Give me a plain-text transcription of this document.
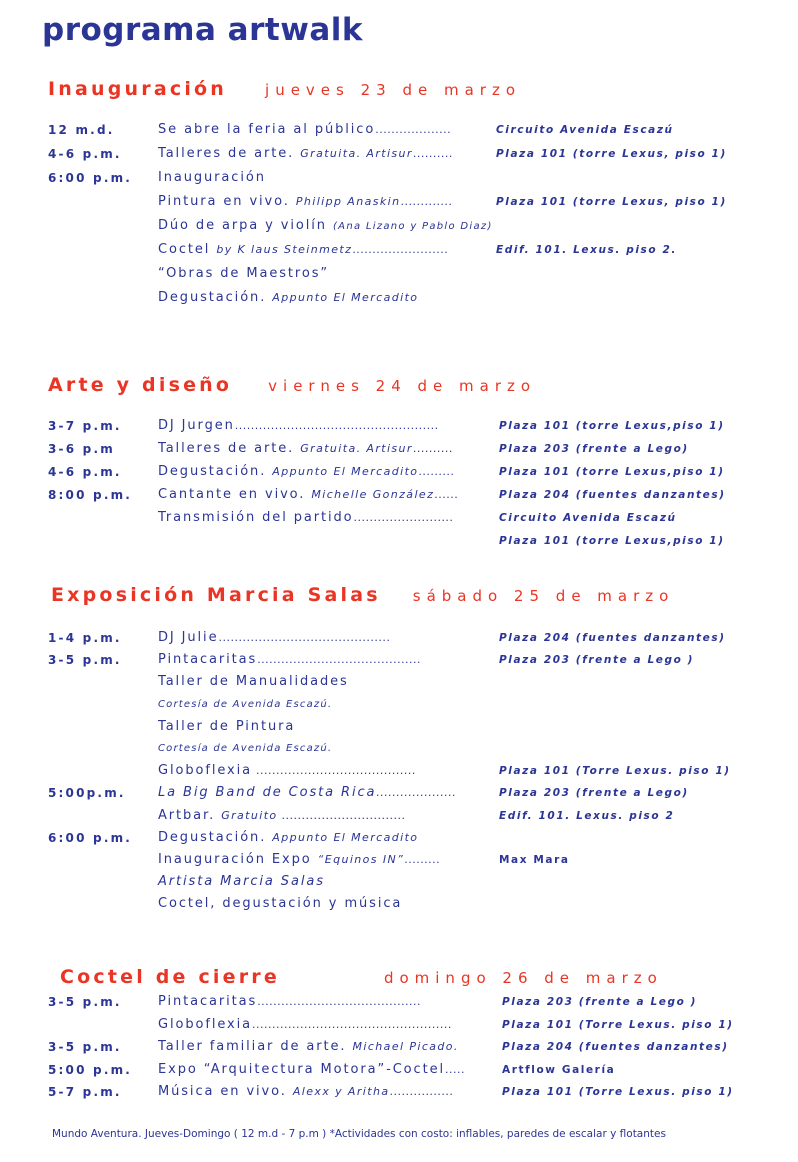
programa artwalk
Inauguración	jueves 23 de marzo
12 m.d.	Se abre la feria al público...................	Circuito Avenida Escazú
4-6 p.m.	Talleres de arte. Gratuita. Artisur..........	Plaza 101 (torre Lexus, piso 1)
6:00 p.m. Inauguración
Pintura en vivo. Philipp Anaskin.............	Plaza 101 (torre Lexus, piso 1)
Dúo de arpa y violín (Ana Lizano y Pablo Diaz)
Coctel by K laus Steinmetz........................	Edif. 101. Lexus. piso 2.
“Obras de Maestros”
Degustación. Appunto El Mercadito
Arte y diseño viernes 24 de marzo
3-7 p.m.	DJ Jurgen...................................................	Plaza 101 (torre Lexus,piso 1)
3-6 p.m	Talleres de arte. Gratuita. Artisur..........	Plaza 203 (frente a Lego)
4-6 p.m.	Degustación. Appunto El Mercadito.........	Plaza 101 (torre Lexus,piso 1)
8:00 p.m. Cantante en vivo. Michelle González......	Plaza 204 (fuentes danzantes)
Transmisión del partido.........................	Circuito Avenida Escazú
Plaza 101 (torre Lexus,piso 1)
Exposición Marcia Salas sábado 25 de marzo
1-4 p.m.	DJ Julie...........................................	Plaza 204 (fuentes danzantes)
3-5 p.m.	Pintacaritas.........................................	Plaza 203 (frente a Lego )
Taller de Manualidades
Cortesía de Avenida Escazú.
Taller de Pintura
Cortesía de Avenida Escazú.
Globoflexia ........................................	Plaza 101 (Torre Lexus. piso 1)
5:00p.m. La Big Band de Costa Rica....................	Plaza 203 (frente a Lego)
Artbar. Gratuito ...............................	Edif. 101. Lexus. piso 2
6:00 p.m. Degustación. Appunto El Mercadito
Inauguración Expo “Equinos IN”.........	Max Mara
Artista Marcia Salas
Coctel, degustación y música
Coctel de cierre	domingo 26 de marzo
3-5 p.m.	Pintacaritas.........................................	Plaza 203 (frente a Lego )
Globoflexia..................................................	Plaza 101 (Torre Lexus. piso 1)
3-5 p.m.	Taller familiar de arte. Michael Picado.	Plaza 204 (fuentes danzantes)
5:00 p.m. Expo “Arquitectura Motora”-Coctel.....	Artflow Galería
5-7 p.m.	Música en vivo. Alexx y Aritha................	Plaza 101 (Torre Lexus. piso 1)
Mundo Aventura. Jueves-Domingo ( 12 m.d - 7 p.m ) *Actividades con costo: inflables, paredes de escalar y flotantes
